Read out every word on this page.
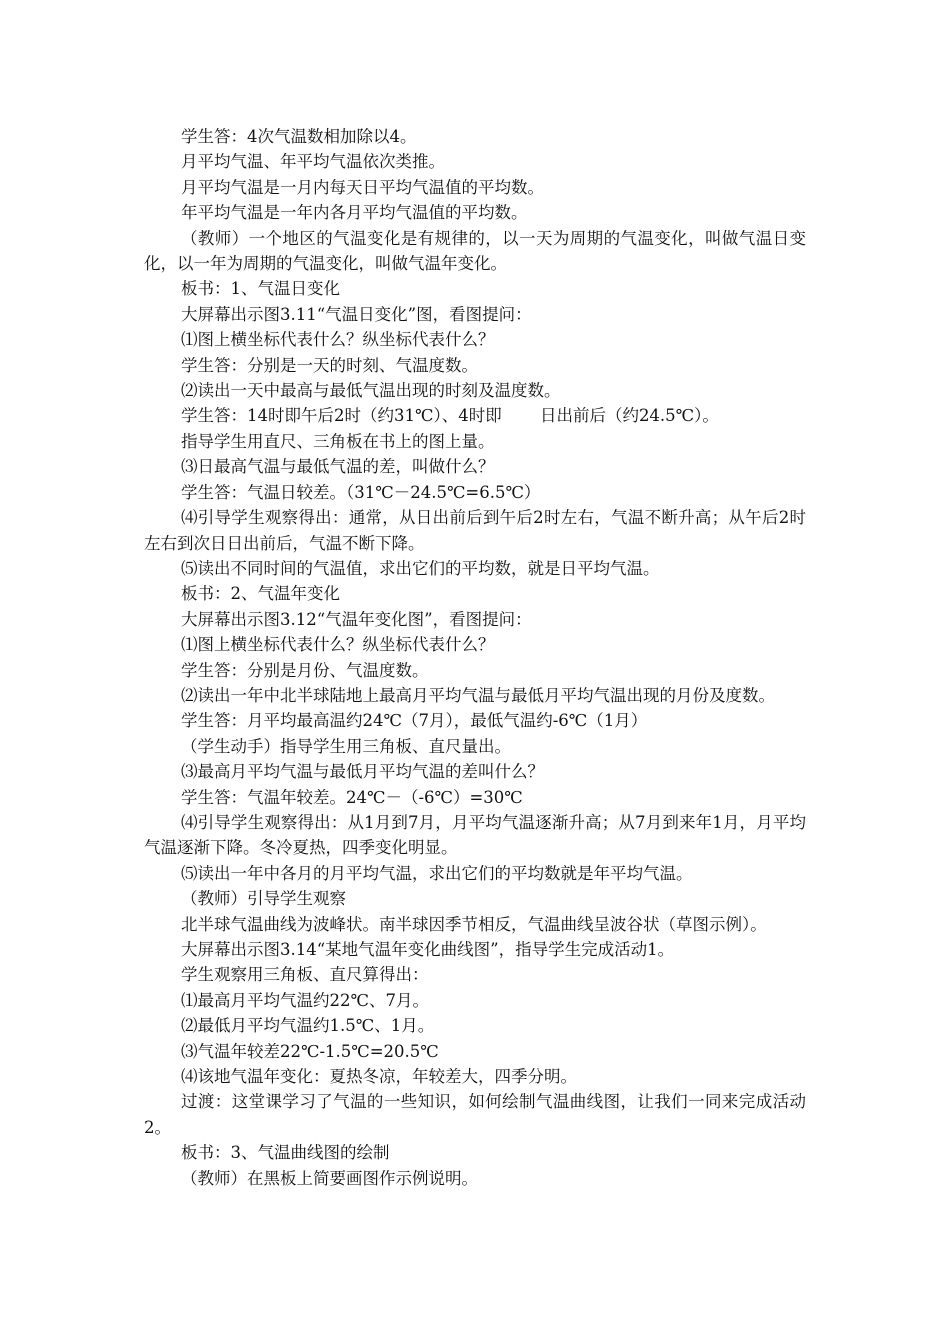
学生答：4次气温数相加除以4。

月平均气温、年平均气温依次类推。

月平均气温是一月内每天日平均气温值的平均数。

年平均气温是一年内各月平均气温值的平均数。

（教师）一个地区的气温变化是有规律的，以一天为周期的气温变化，叫做气温日变化，以一年为周期的气温变化，叫做气温年变化。

板书：1、气温日变化

大屏幕出示图3.11“气温日变化”图，看图提问：

⑴图上横坐标代表什么？纵坐标代表什么？

学生答：分别是一天的时刻、气温度数。

⑵读出一天中最高与最低气温出现的时刻及温度数。

学生答：14时即午后2时（约31℃）、4时即　　 日出前后（约24.5℃）。

指导学生用直尺、三角板在书上的图上量。

⑶日最高气温与最低气温的差，叫做什么？

学生答：气温日较差。（31℃－24.5℃=6.5℃）

⑷引导学生观察得出：通常，从日出前后到午后2时左右，气温不断升高；从午后2时左右到次日日出前后，气温不断下降。

⑸读出不同时间的气温值，求出它们的平均数，就是日平均气温。

板书：2、气温年变化

大屏幕出示图3.12“气温年变化图”，看图提问：

⑴图上横坐标代表什么？纵坐标代表什么？

学生答：分别是月份、气温度数。

⑵读出一年中北半球陆地上最高月平均气温与最低月平均气温出现的月份及度数。

学生答：月平均最高温约24℃（7月），最低气温约-6℃（1月）

（学生动手）指导学生用三角板、直尺量出。

⑶最高月平均气温与最低月平均气温的差叫什么？

学生答：气温年较差。24℃－（-6℃）=30℃

⑷引导学生观察得出：从1月到7月，月平均气温逐渐升高；从7月到来年1月，月平均气温逐渐下降。冬冷夏热，四季变化明显。

⑸读出一年中各月的月平均气温，求出它们的平均数就是年平均气温。

（教师）引导学生观察

北半球气温曲线为波峰状。南半球因季节相反，气温曲线呈波谷状（草图示例）。

大屏幕出示图3.14“某地气温年变化曲线图”，指导学生完成活动1。

学生观察用三角板、直尺算得出：

⑴最高月平均气温约22℃、7月。

⑵最低月平均气温约1.5℃、1月。

⑶气温年较差22℃-1.5℃=20.5℃

⑷该地气温年变化：夏热冬凉，年较差大，四季分明。

过渡：这堂课学习了气温的一些知识，如何绘制气温曲线图，让我们一同来完成活动2。

板书：3、气温曲线图的绘制

（教师）在黑板上简要画图作示例说明。
